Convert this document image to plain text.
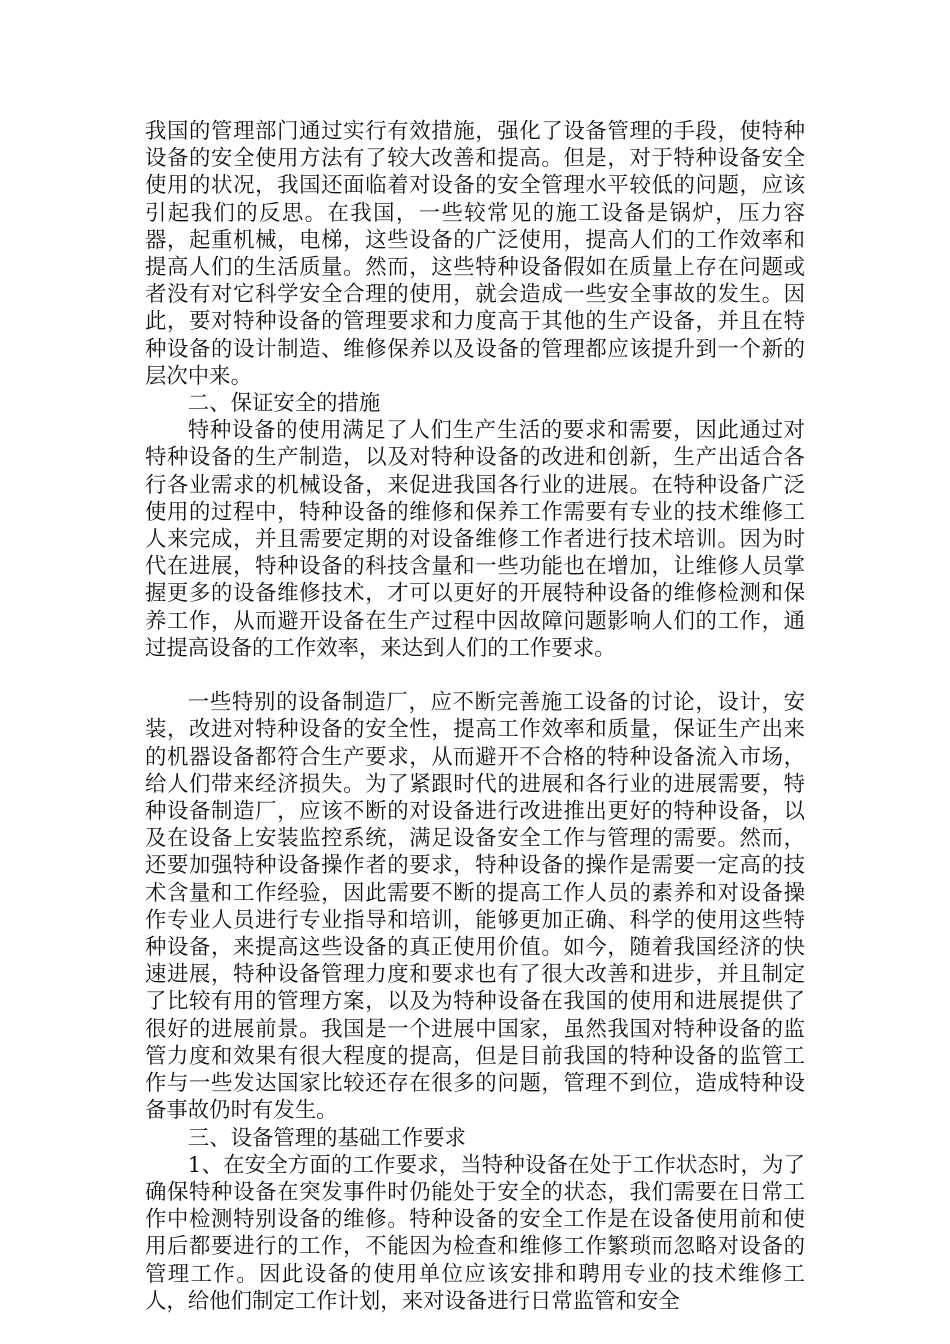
我国的管理部门通过实行有效措施，强化了设备管理的手段，使特种设备的安全使用方法有了较大改善和提高。但是，对于特种设备安全使用的状况，我国还面临着对设备的安全管理水平较低的问题，应该引起我们的反思。在我国，一些较常见的施工设备是锅炉，压力容器，起重机械，电梯，这些设备的广泛使用，提高人们的工作效率和提高人们的生活质量。然而，这些特种设备假如在质量上存在问题或者没有对它科学安全合理的使用，就会造成一些安全事故的发生。因此，要对特种设备的管理要求和力度高于其他的生产设备，并且在特种设备的设计制造、维修保养以及设备的管理都应该提升到一个新的层次中来。

二、保证安全的措施

特种设备的使用满足了人们生产生活的要求和需要，因此通过对特种设备的生产制造，以及对特种设备的改进和创新，生产出适合各行各业需求的机械设备，来促进我国各行业的进展。在特种设备广泛使用的过程中，特种设备的维修和保养工作需要有专业的技术维修工人来完成，并且需要定期的对设备维修工作者进行技术培训。因为时代在进展，特种设备的科技含量和一些功能也在增加，让维修人员掌握更多的设备维修技术，才可以更好的开展特种设备的维修检测和保养工作，从而避开设备在生产过程中因故障问题影响人们的工作，通过提高设备的工作效率，来达到人们的工作要求。

一些特别的设备制造厂，应不断完善施工设备的讨论，设计，安装，改进对特种设备的安全性，提高工作效率和质量，保证生产出来的机器设备都符合生产要求，从而避开不合格的特种设备流入市场，给人们带来经济损失。为了紧跟时代的进展和各行业的进展需要，特种设备制造厂，应该不断的对设备进行改进推出更好的特种设备，以及在设备上安装监控系统，满足设备安全工作与管理的需要。然而，还要加强特种设备操作者的要求，特种设备的操作是需要一定高的技术含量和工作经验，因此需要不断的提高工作人员的素养和对设备操作专业人员进行专业指导和培训，能够更加正确、科学的使用这些特种设备，来提高这些设备的真正使用价值。如今，随着我国经济的快速进展，特种设备管理力度和要求也有了很大改善和进步，并且制定了比较有用的管理方案，以及为特种设备在我国的使用和进展提供了很好的进展前景。我国是一个进展中国家，虽然我国对特种设备的监管力度和效果有很大程度的提高，但是目前我国的特种设备的监管工作与一些发达国家比较还存在很多的问题，管理不到位，造成特种设备事故仍时有发生。

三、设备管理的基础工作要求

1、在安全方面的工作要求，当特种设备在处于工作状态时，为了确保特种设备在突发事件时仍能处于安全的状态，我们需要在日常工作中检测特别设备的维修。特种设备的安全工作是在设备使用前和使用后都要进行的工作，不能因为检查和维修工作繁琐而忽略对设备的管理工作。因此设备的使用单位应该安排和聘用专业的技术维修工人，给他们制定工作计划，来对设备进行日常监管和安全
